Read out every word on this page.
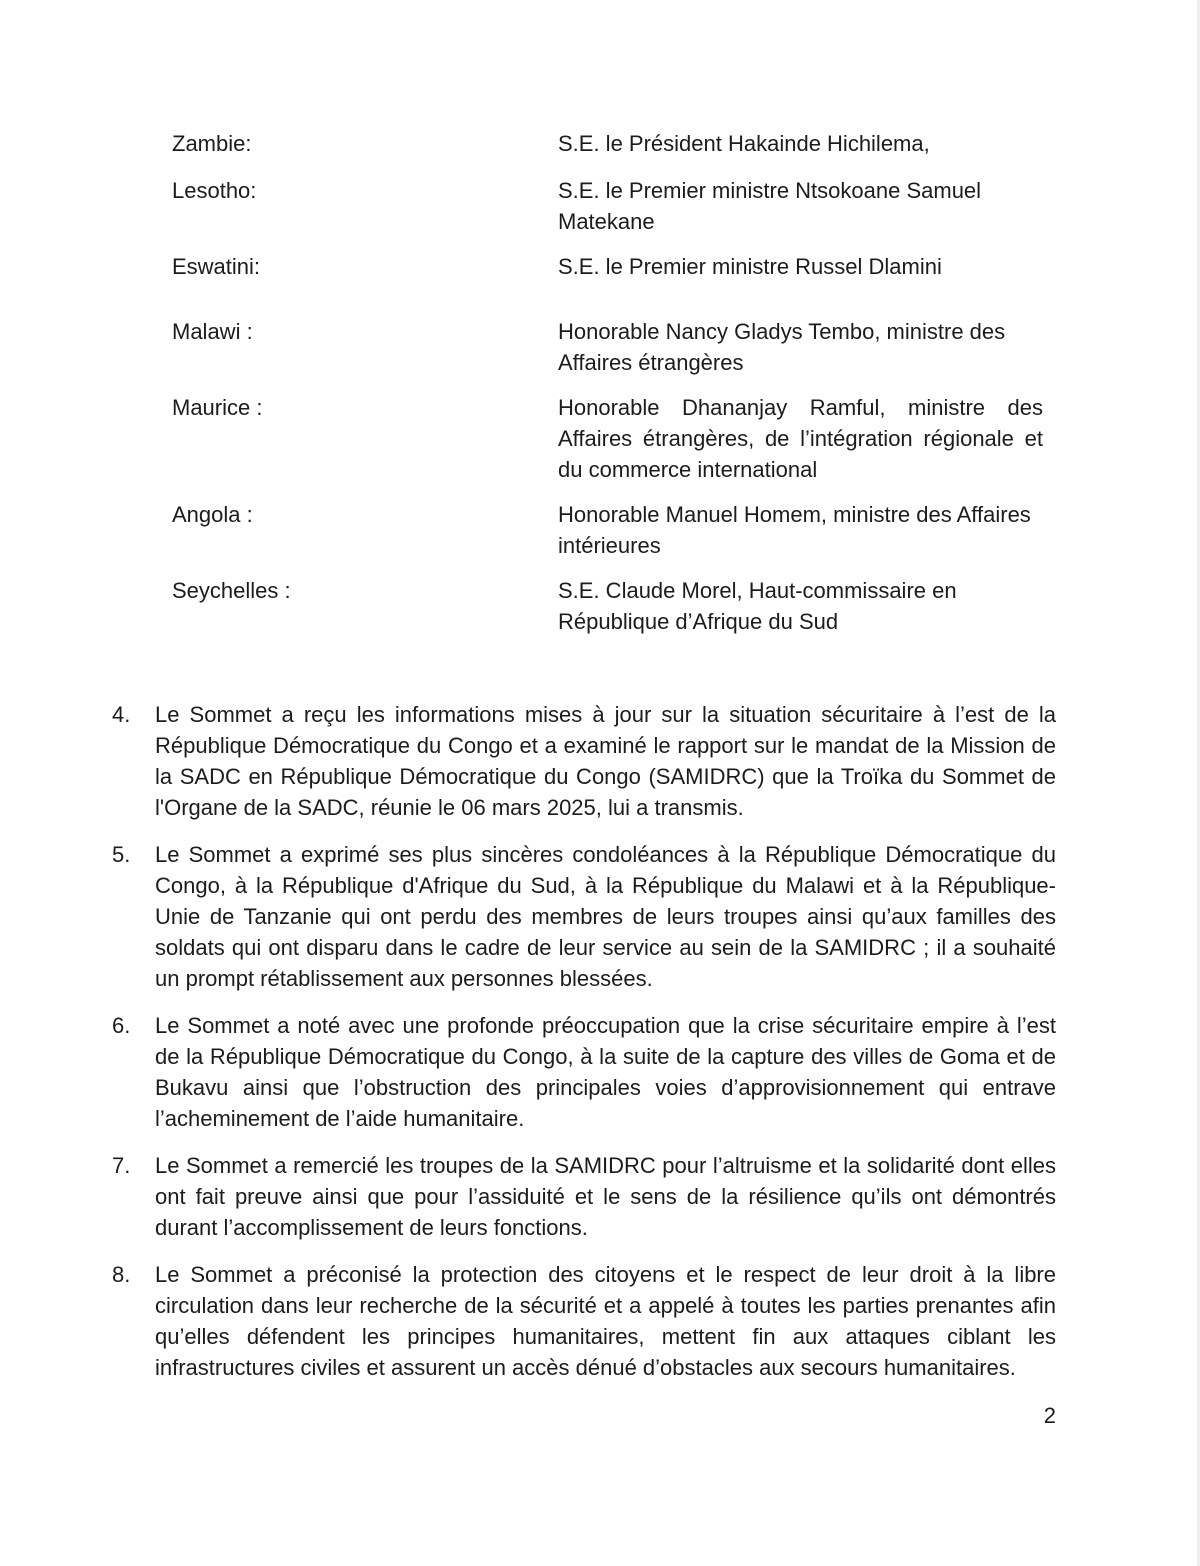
Zambie:	S.E. le Président Hakainde Hichilema,
Lesotho:	S.E. le Premier ministre Ntsokoane Samuel Matekane
Eswatini:	S.E. le Premier ministre Russel Dlamini
Malawi :	Honorable Nancy Gladys Tembo, ministre des Affaires étrangères
Maurice :	Honorable Dhananjay Ramful, ministre des Affaires étrangères, de l’intégration régionale et du commerce international
Angola :	Honorable Manuel Homem, ministre des Affaires intérieures
Seychelles :	S.E. Claude Morel, Haut-commissaire en République d’Afrique du Sud
4.	Le Sommet a reçu les informations mises à jour sur la situation sécuritaire à l’est de la République Démocratique du Congo et a examiné le rapport sur le mandat de la Mission de la SADC en République Démocratique du Congo (SAMIDRC) que la Troïka du Sommet de l'Organe de la SADC, réunie le 06 mars 2025, lui a transmis.
5.	Le Sommet a exprimé ses plus sincères condoléances à la République Démocratique du Congo, à la République d'Afrique du Sud, à la République du Malawi et à la République-Unie de Tanzanie qui ont perdu des membres de leurs troupes ainsi qu’aux familles des soldats qui ont disparu dans le cadre de leur service au sein de la SAMIDRC ; il a souhaité un prompt rétablissement aux personnes blessées.
6.	Le Sommet a noté avec une profonde préoccupation que la crise sécuritaire empire à l’est de la République Démocratique du Congo, à la suite de la capture des villes de Goma et de Bukavu ainsi que l’obstruction des principales voies d’approvisionnement qui entrave l’acheminement de l’aide humanitaire.
7.	Le Sommet a remercié les troupes de la SAMIDRC pour l’altruisme et la solidarité dont elles ont fait preuve ainsi que pour l’assiduité et le sens de la résilience qu’ils ont démontrés durant l’accomplissement de leurs fonctions.
8.	Le Sommet a préconisé la protection des citoyens et le respect de leur droit à la libre circulation dans leur recherche de la sécurité et a appelé à toutes les parties prenantes afin qu’elles défendent les principes humanitaires, mettent fin aux attaques ciblant les infrastructures civiles et assurent un accès dénué d’obstacles aux secours humanitaires.
2
